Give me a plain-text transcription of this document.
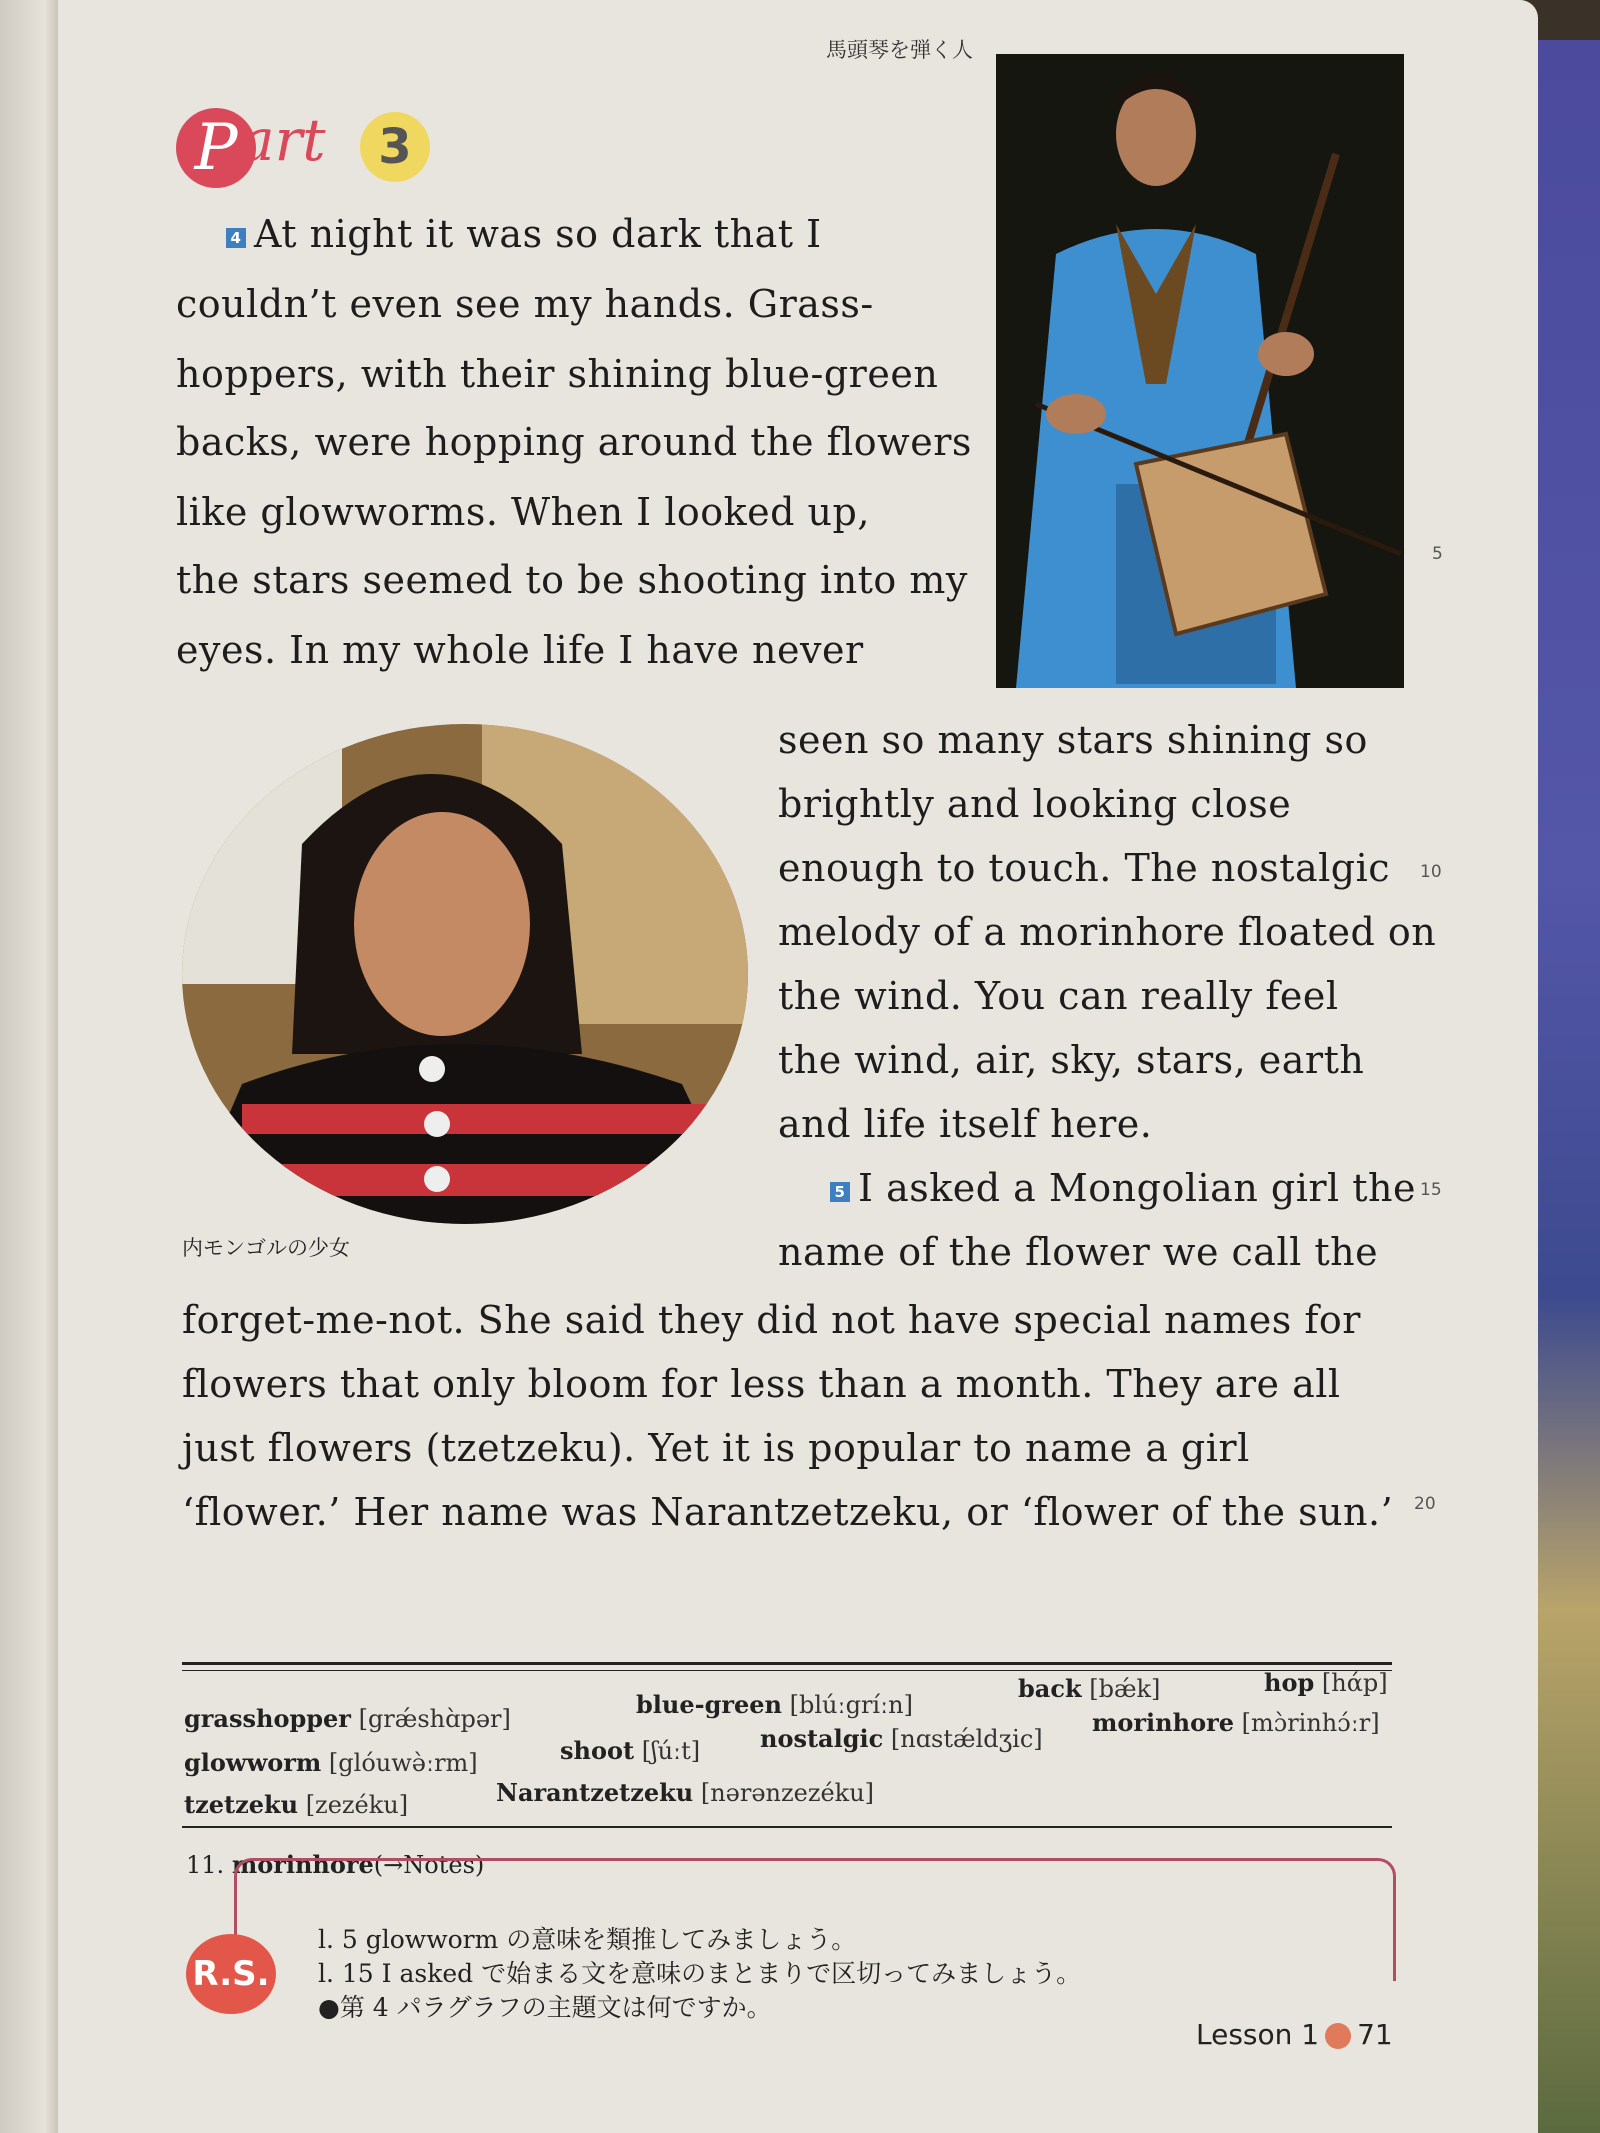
馬頭琴を弾く人
P art	3
4 At night it was so dark that I
couldn’t even see my hands. Grass-
hoppers, with their shining blue-green
backs, were hopping around the flowers
like glowworms. When I looked up,
the stars seemed to be shooting into my
eyes. In my whole life I have never
seen so many stars shining so
brightly and looking close
enough to touch. The nostalgic
melody of a morinhore floated on
the wind. You can really feel
the wind, air, sky, stars, earth
and life itself here.
5 I asked a Mongolian girl the
name of the flower we call the
forget-me-not. She said they did not have special names for
flowers that only bloom for less than a month. They are all
just flowers (tzetzeku). Yet it is popular to name a girl
‘flower.’ Her name was Narantzetzeku, or ‘flower of the sun.’
5
10
15
20
内モンゴルの少女
grasshopper [grǽshɑ̀pər]	blue-green [blúːgríːn]
back [bǽk]	hop [hάp]
glowworm [glóuwə̀ːrm]	shoot [ʃúːt] nostalgic [nɑstǽldʒic]
morinhore [mɔ̀rinhɔ́ːr]
tzetzeku [zezéku]	Narantzetzeku [nərənzezéku]
11. morinhore(→Notes)
R.S.
l. 5 glowworm の意味を類推してみましょう。
l. 15 I asked で始まる文を意味のまとまりで区切ってみましょう。
●第 4 パラグラフの主題文は何ですか。
Lesson 1 71
